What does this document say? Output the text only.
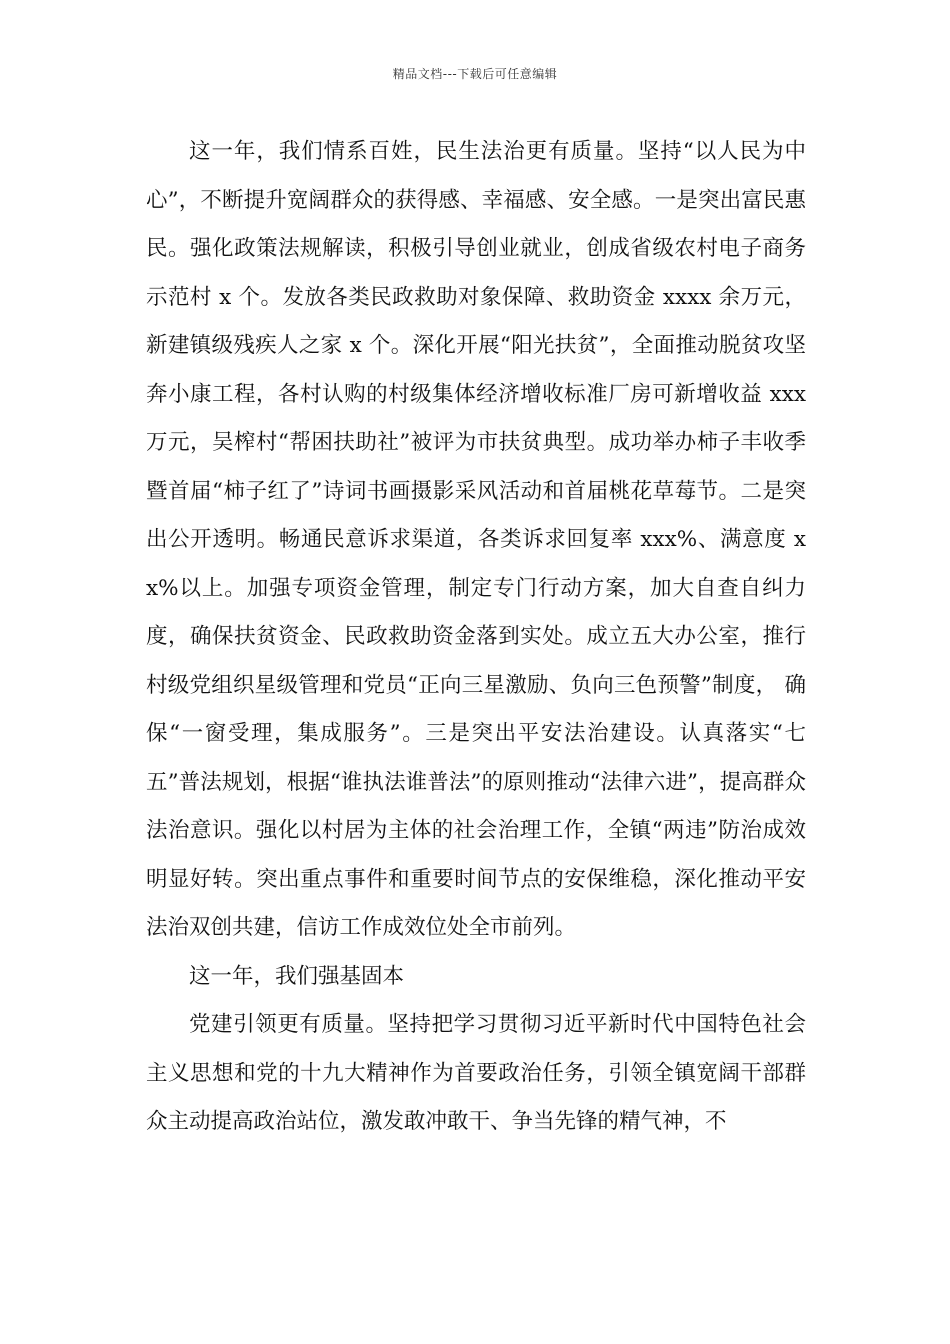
精品文档---下载后可任意编辑

这一年，我们情系百姓，民生法治更有质量。坚持“以人民为中心”，不断提升宽阔群众的获得感、幸福感、安全感。一是突出富民惠民。强化政策法规解读，积极引导创业就业，创成省级农村电子商务示范村 x 个。发放各类民政救助对象保障、救助资金 xxxx 余万元，新建镇级残疾人之家 x 个。深化开展“阳光扶贫”，全面推动脱贫攻坚奔小康工程，各村认购的村级集体经济增收标准厂房可新增收益 xxx 万元，吴榨村“帮困扶助社”被评为市扶贫典型。成功举办柿子丰收季暨首届“柿子红了”诗词书画摄影采风活动和首届桃花草莓节。二是突出公开透明。畅通民意诉求渠道，各类诉求回复率 xxx%、满意度 xx%以上。加强专项资金管理，制定专门行动方案，加大自查自纠力度，确保扶贫资金、民政救助资金落到实处。成立五大办公室，推行村级党组织星级管理和党员“正向三星激励、负向三色预警”制度， 确保“一窗受理，集成服务”。三是突出平安法治建设。认真落实“七五”普法规划，根据“谁执法谁普法”的原则推动“法律六进”，提高群众法治意识。强化以村居为主体的社会治理工作，全镇“两违”防治成效明显好转。突出重点事件和重要时间节点的安保维稳，深化推动平安法治双创共建，信访工作成效位处全市前列。

这一年，我们强基固本

党建引领更有质量。坚持把学习贯彻习近平新时代中国特色社会主义思想和党的十九大精神作为首要政治任务，引领全镇宽阔干部群众主动提高政治站位，激发敢冲敢干、争当先锋的精气神，不
